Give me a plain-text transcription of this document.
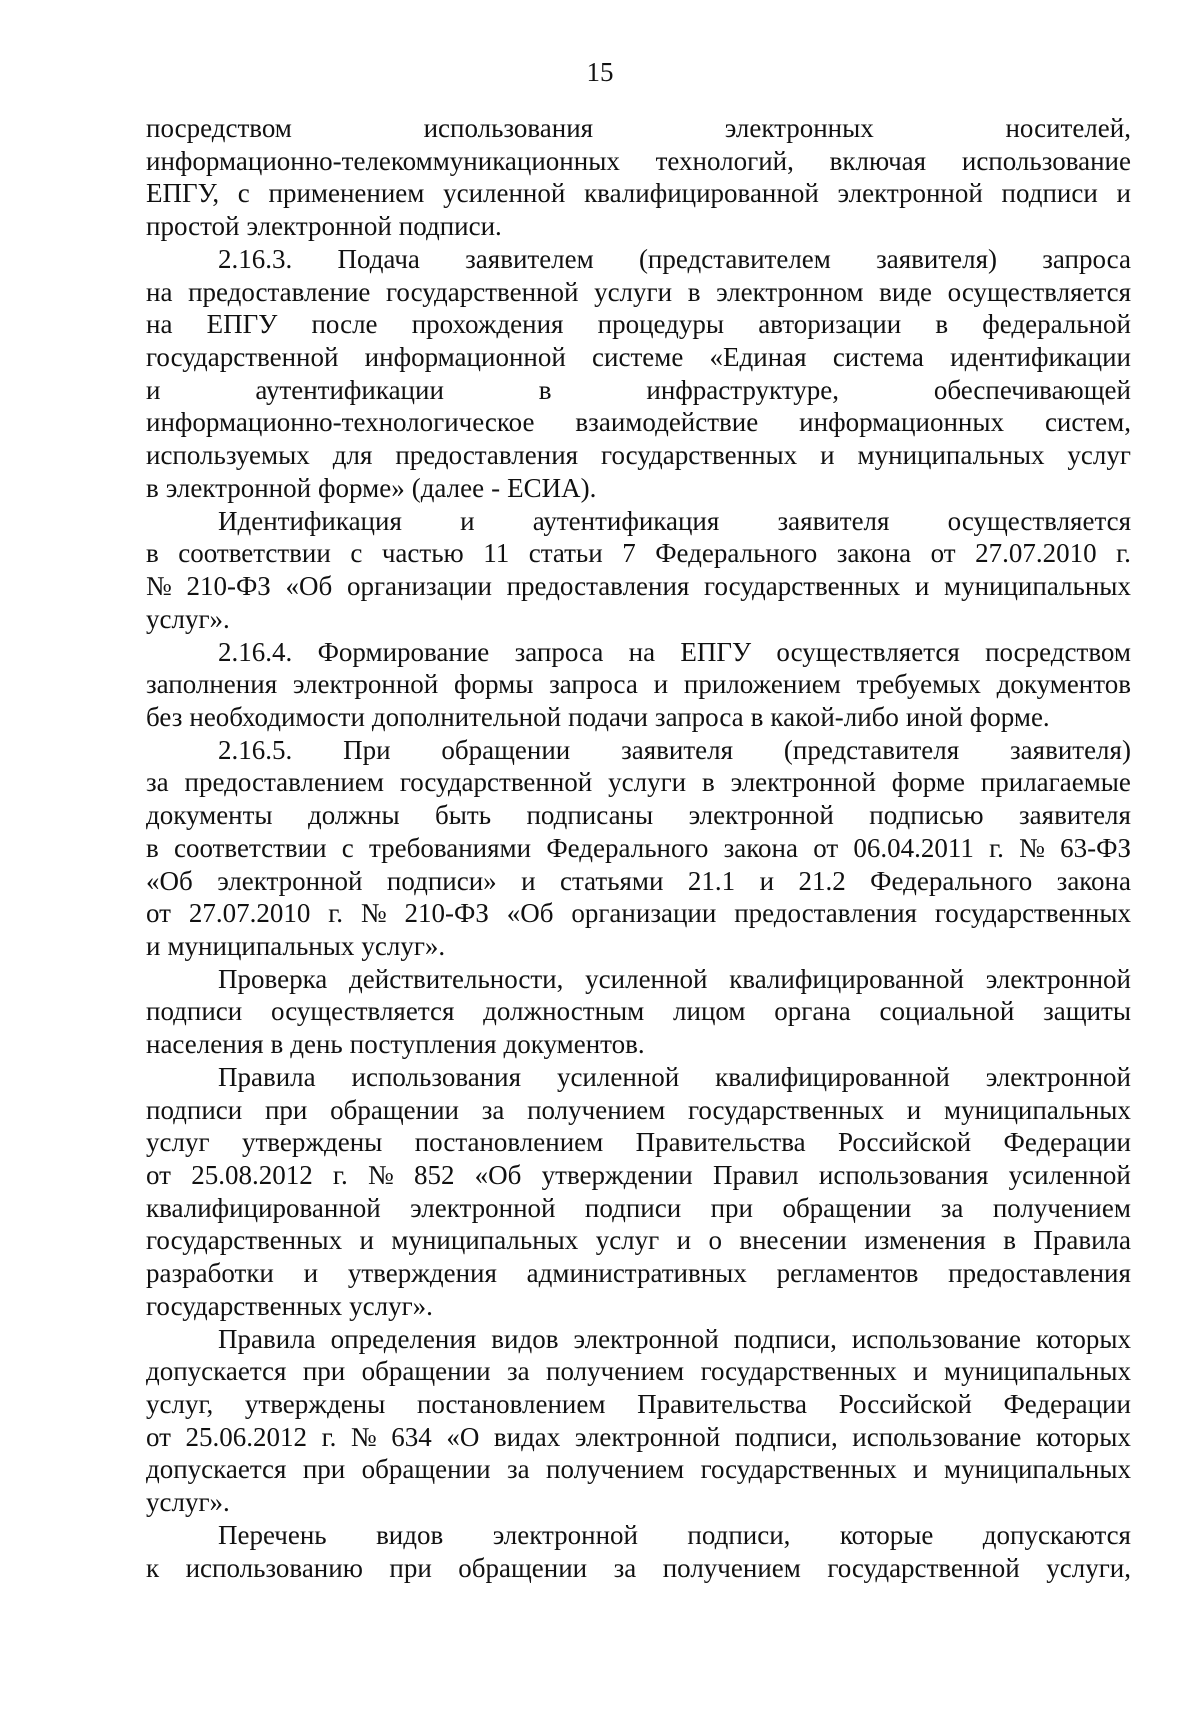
15
посредством	использования	электронных	носителей,
информационно-телекоммуникационных технологий, включая использование
ЕПГУ, с применением усиленной квалифицированной электронной подписи и
простой электронной подписи.
2.16.3. Подача заявителем (представителем заявителя) запроса
на предоставление государственной услуги в электронном виде осуществляется
на ЕПГУ после прохождения процедуры авторизации в федеральной
государственной информационной системе «Единая система идентификации
и	аутентификации	в	инфраструктуре,	обеспечивающей
информационно-технологическое взаимодействие информационных систем,
используемых для предоставления государственных и муниципальных услуг
в электронной форме» (далее - ЕСИА).
Идентификация и аутентификация заявителя осуществляется
в соответствии с частью 11 статьи 7 Федерального закона от 27.07.2010 г.
№ 210-ФЗ «Об организации предоставления государственных и муниципальных
услуг».
2.16.4. Формирование запроса на ЕПГУ осуществляется посредством
заполнения электронной формы запроса и приложением требуемых документов
без необходимости дополнительной подачи запроса в какой-либо иной форме.
2.16.5. При обращении заявителя (представителя заявителя)
за предоставлением государственной услуги в электронной форме прилагаемые
документы должны быть подписаны электронной подписью заявителя
в соответствии с требованиями Федерального закона от 06.04.2011 г. № 63-ФЗ
«Об электронной подписи» и статьями 21.1 и 21.2 Федерального закона
от 27.07.2010 г. № 210-ФЗ «Об организации предоставления государственных
и муниципальных услуг».
Проверка действительности, усиленной квалифицированной электронной
подписи осуществляется должностным лицом органа социальной защиты
населения в день поступления документов.
Правила использования усиленной квалифицированной электронной
подписи при обращении за получением государственных и муниципальных
услуг утверждены постановлением Правительства Российской Федерации
от 25.08.2012 г. № 852 «Об утверждении Правил использования усиленной
квалифицированной электронной подписи при обращении за получением
государственных и муниципальных услуг и о внесении изменения в Правила
разработки и утверждения административных регламентов предоставления
государственных услуг».
Правила определения видов электронной подписи, использование которых
допускается при обращении за получением государственных и муниципальных
услуг, утверждены постановлением Правительства Российской Федерации
от 25.06.2012 г. № 634 «О видах электронной подписи, использование которых
допускается при обращении за получением государственных и муниципальных
услуг».
Перечень видов электронной подписи, которые допускаются
к использованию при обращении за получением государственной услуги,
